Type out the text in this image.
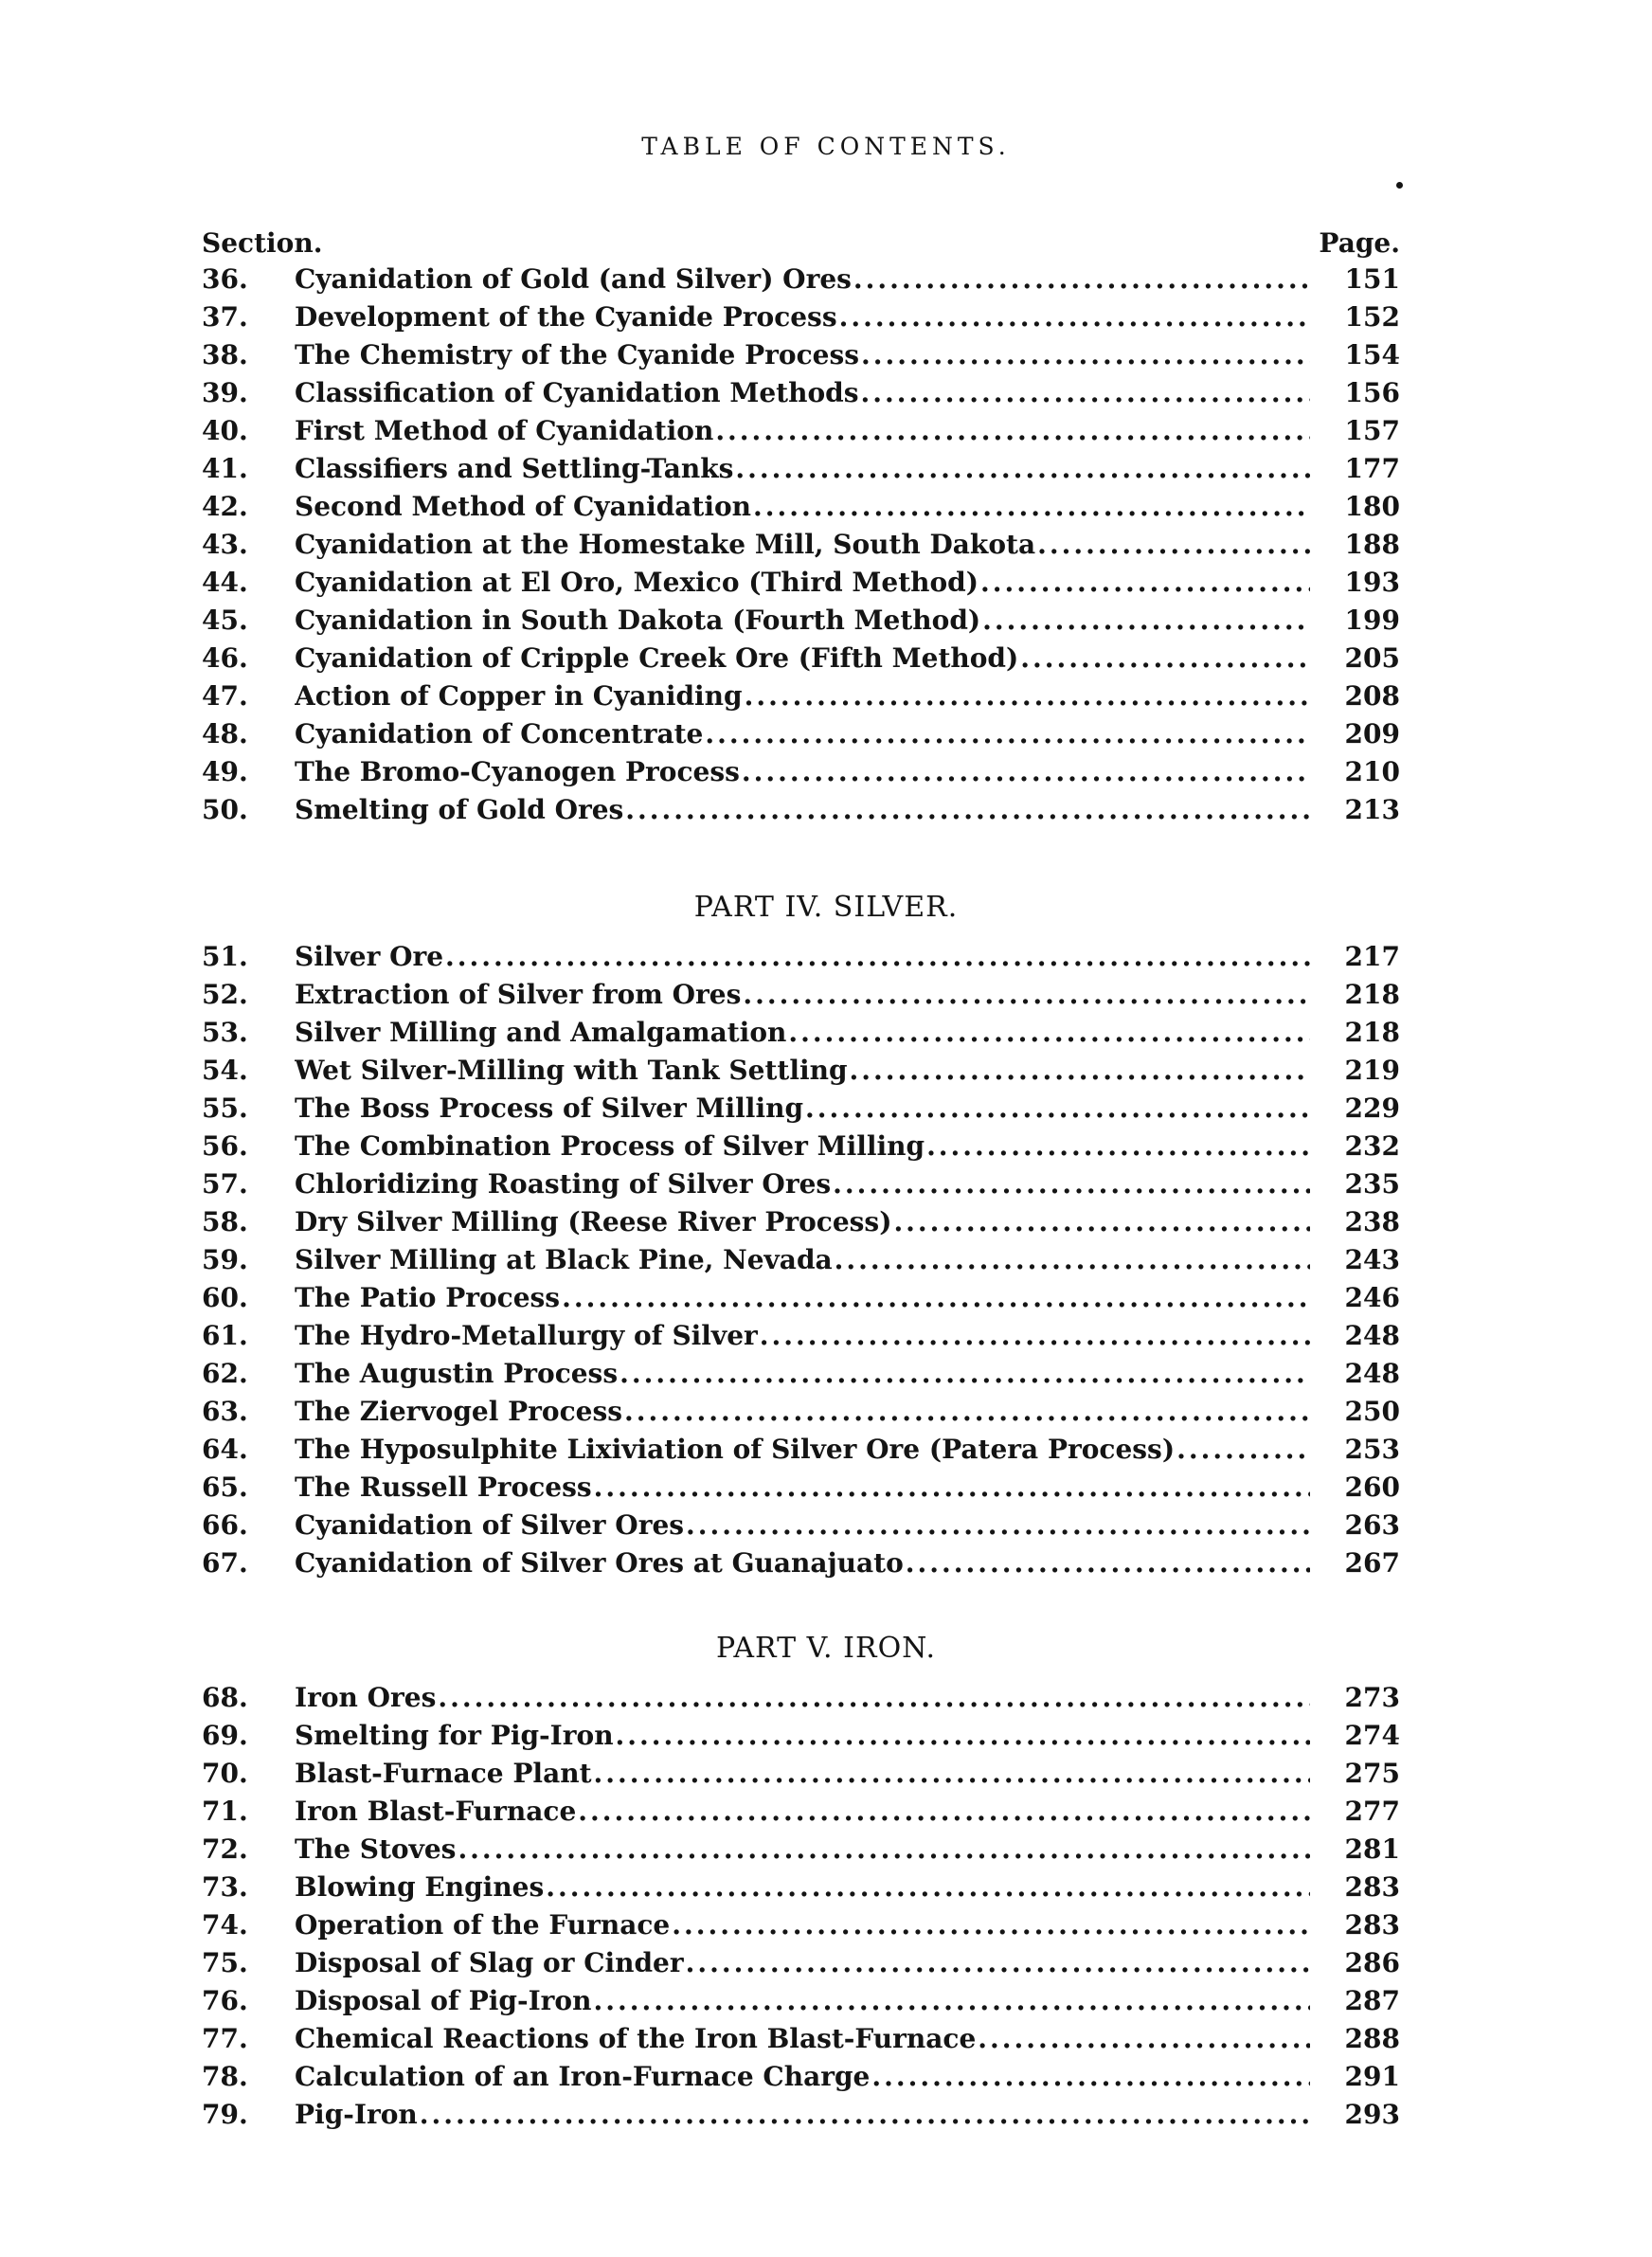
TABLE OF CONTENTS.
Section.	Page.
36.	Cyanidation of Gold (and Silver) Ores .....	151
37.	Development of the Cyanide Process .....	152
38.	The Chemistry of the Cyanide Process .....	154
39.	Classification of Cyanidation Methods .....	156
40.	First Method of Cyanidation .....	157
41.	Classifiers and Settling-Tanks .....	177
42.	Second Method of Cyanidation .....	180
43.	Cyanidation at the Homestake Mill, South Dakota .....	188
44.	Cyanidation at El Oro, Mexico (Third Method) .....	193
45.	Cyanidation in South Dakota (Fourth Method) .....	199
46.	Cyanidation of Cripple Creek Ore (Fifth Method) .....	205
47.	Action of Copper in Cyaniding .....	208
48.	Cyanidation of Concentrate .....	209
49.	The Bromo-Cyanogen Process .....	210
50.	Smelting of Gold Ores .....	213
PART IV. SILVER.
51.	Silver Ore .....	217
52.	Extraction of Silver from Ores .....	218
53.	Silver Milling and Amalgamation .....	218
54.	Wet Silver-Milling with Tank Settling .....	219
55.	The Boss Process of Silver Milling .....	229
56.	The Combination Process of Silver Milling .....	232
57.	Chloridizing Roasting of Silver Ores .....	235
58.	Dry Silver Milling (Reese River Process) .....	238
59.	Silver Milling at Black Pine, Nevada .....	243
60.	The Patio Process .....	246
61.	The Hydro-Metallurgy of Silver .....	248
62.	The Augustin Process .....	248
63.	The Ziervogel Process .....	250
64.	The Hyposulphite Lixiviation of Silver Ore (Patera Process) .....	253
65.	The Russell Process .....	260
66.	Cyanidation of Silver Ores .....	263
67.	Cyanidation of Silver Ores at Guanajuato .....	267
PART V. IRON.
68.	Iron Ores .....	273
69.	Smelting for Pig-Iron .....	274
70.	Blast-Furnace Plant .....	275
71.	Iron Blast-Furnace .....	277
72.	The Stoves .....	281
73.	Blowing Engines .....	283
74.	Operation of the Furnace .....	283
75.	Disposal of Slag or Cinder .....	286
76.	Disposal of Pig-Iron .....	287
77.	Chemical Reactions of the Iron Blast-Furnace .....	288
78.	Calculation of an Iron-Furnace Charge .....	291
79.	Pig-Iron .....	293
